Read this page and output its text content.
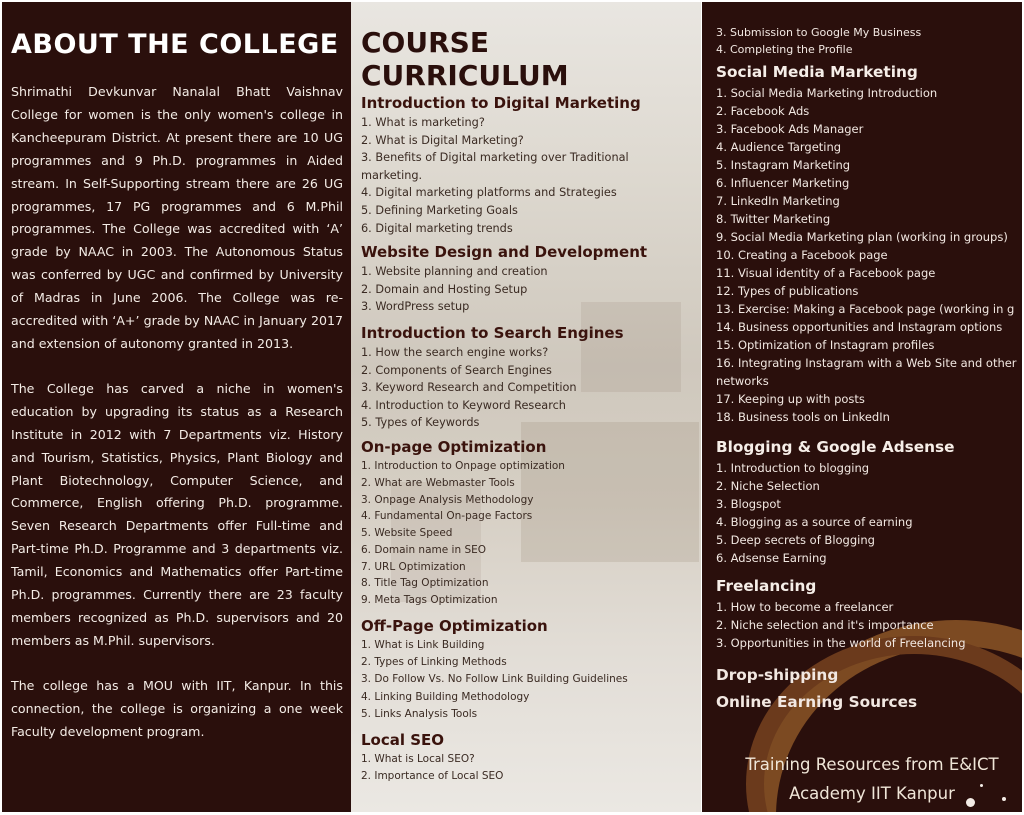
ABOUT THE COLLEGE

Shrimathi Devkunvar Nanalal Bhatt Vaishnav College for women is the only women's college in Kancheepuram District. At present there are 10 UG programmes and 9 Ph.D. programmes in Aided stream. In Self-Supporting stream there are 26 UG programmes, 17 PG programmes and 6 M.Phil programmes. The College was accredited with ‘A’ grade by NAAC in 2003. The Autonomous Status was conferred by UGC and confirmed by University of Madras in June 2006. The College was re-accredited with ‘A+’ grade by NAAC in January 2017 and extension of autonomy granted in 2013.

The College has carved a niche in women's education by upgrading its status as a Research Institute in 2012 with 7 Departments viz. History and Tourism, Statistics, Physics, Plant Biology and Plant Biotechnology, Computer Science, and Commerce, English offering Ph.D. programme. Seven Research Departments offer Full-time and Part-time Ph.D. Programme and 3 departments viz. Tamil, Economics and Mathematics offer Part-time Ph.D. programmes. Currently there are 23 faculty members recognized as Ph.D. supervisors and 20 members as M.Phil. supervisors.

The college has a MOU with IIT, Kanpur. In this connection, the college is organizing a one week Faculty development program.

COURSE CURRICULUM
Introduction to Digital Marketing
1. What is marketing?
2. What is Digital Marketing?
3. Benefits of Digital marketing over Traditional marketing.
4. Digital marketing platforms and Strategies
5. Defining Marketing Goals
6. Digital marketing trends
Website Design and Development
1. Website planning and creation
2. Domain and Hosting Setup
3. WordPress setup
Introduction to Search Engines
1. How the search engine works?
2. Components of Search Engines
3. Keyword Research and Competition
4. Introduction to Keyword Research
5. Types of Keywords
On-page Optimization
1. Introduction to Onpage optimization
2. What are Webmaster Tools
3. Onpage Analysis Methodology
4. Fundamental On-page Factors
5. Website Speed
6. Domain name in SEO
7. URL Optimization
8. Title Tag Optimization
9. Meta Tags Optimization
Off-Page Optimization
1. What is Link Building
2. Types of Linking Methods
3. Do Follow Vs. No Follow Link Building Guidelines
4. Linking Building Methodology
5. Links Analysis Tools
Local SEO
1. What is Local SEO?
2. Importance of Local SEO
3. Submission to Google My Business
4. Completing the Profile
Social Media Marketing
1. Social Media Marketing Introduction
2. Facebook Ads
3. Facebook Ads Manager
4. Audience Targeting
5. Instagram Marketing
6. Influencer Marketing
7. LinkedIn Marketing
8. Twitter Marketing
9. Social Media Marketing plan (working in groups)
10. Creating a Facebook page
11. Visual identity of a Facebook page
12. Types of publications
13. Exercise: Making a Facebook page (working in g
14. Business opportunities and Instagram options
15. Optimization of Instagram profiles
16. Integrating Instagram with a Web Site and other networks
17. Keeping up with posts
18. Business tools on LinkedIn
Blogging & Google Adsense
1. Introduction to blogging
2. Niche Selection
3. Blogspot
4. Blogging as a source of earning
5. Deep secrets of Blogging
6. Adsense Earning
Freelancing
1. How to become a freelancer
2. Niche selection and it's importance
3. Opportunities in the world of Freelancing
Drop-shipping
Online Earning Sources
Training Resources from E&ICT
Academy IIT Kanpur
